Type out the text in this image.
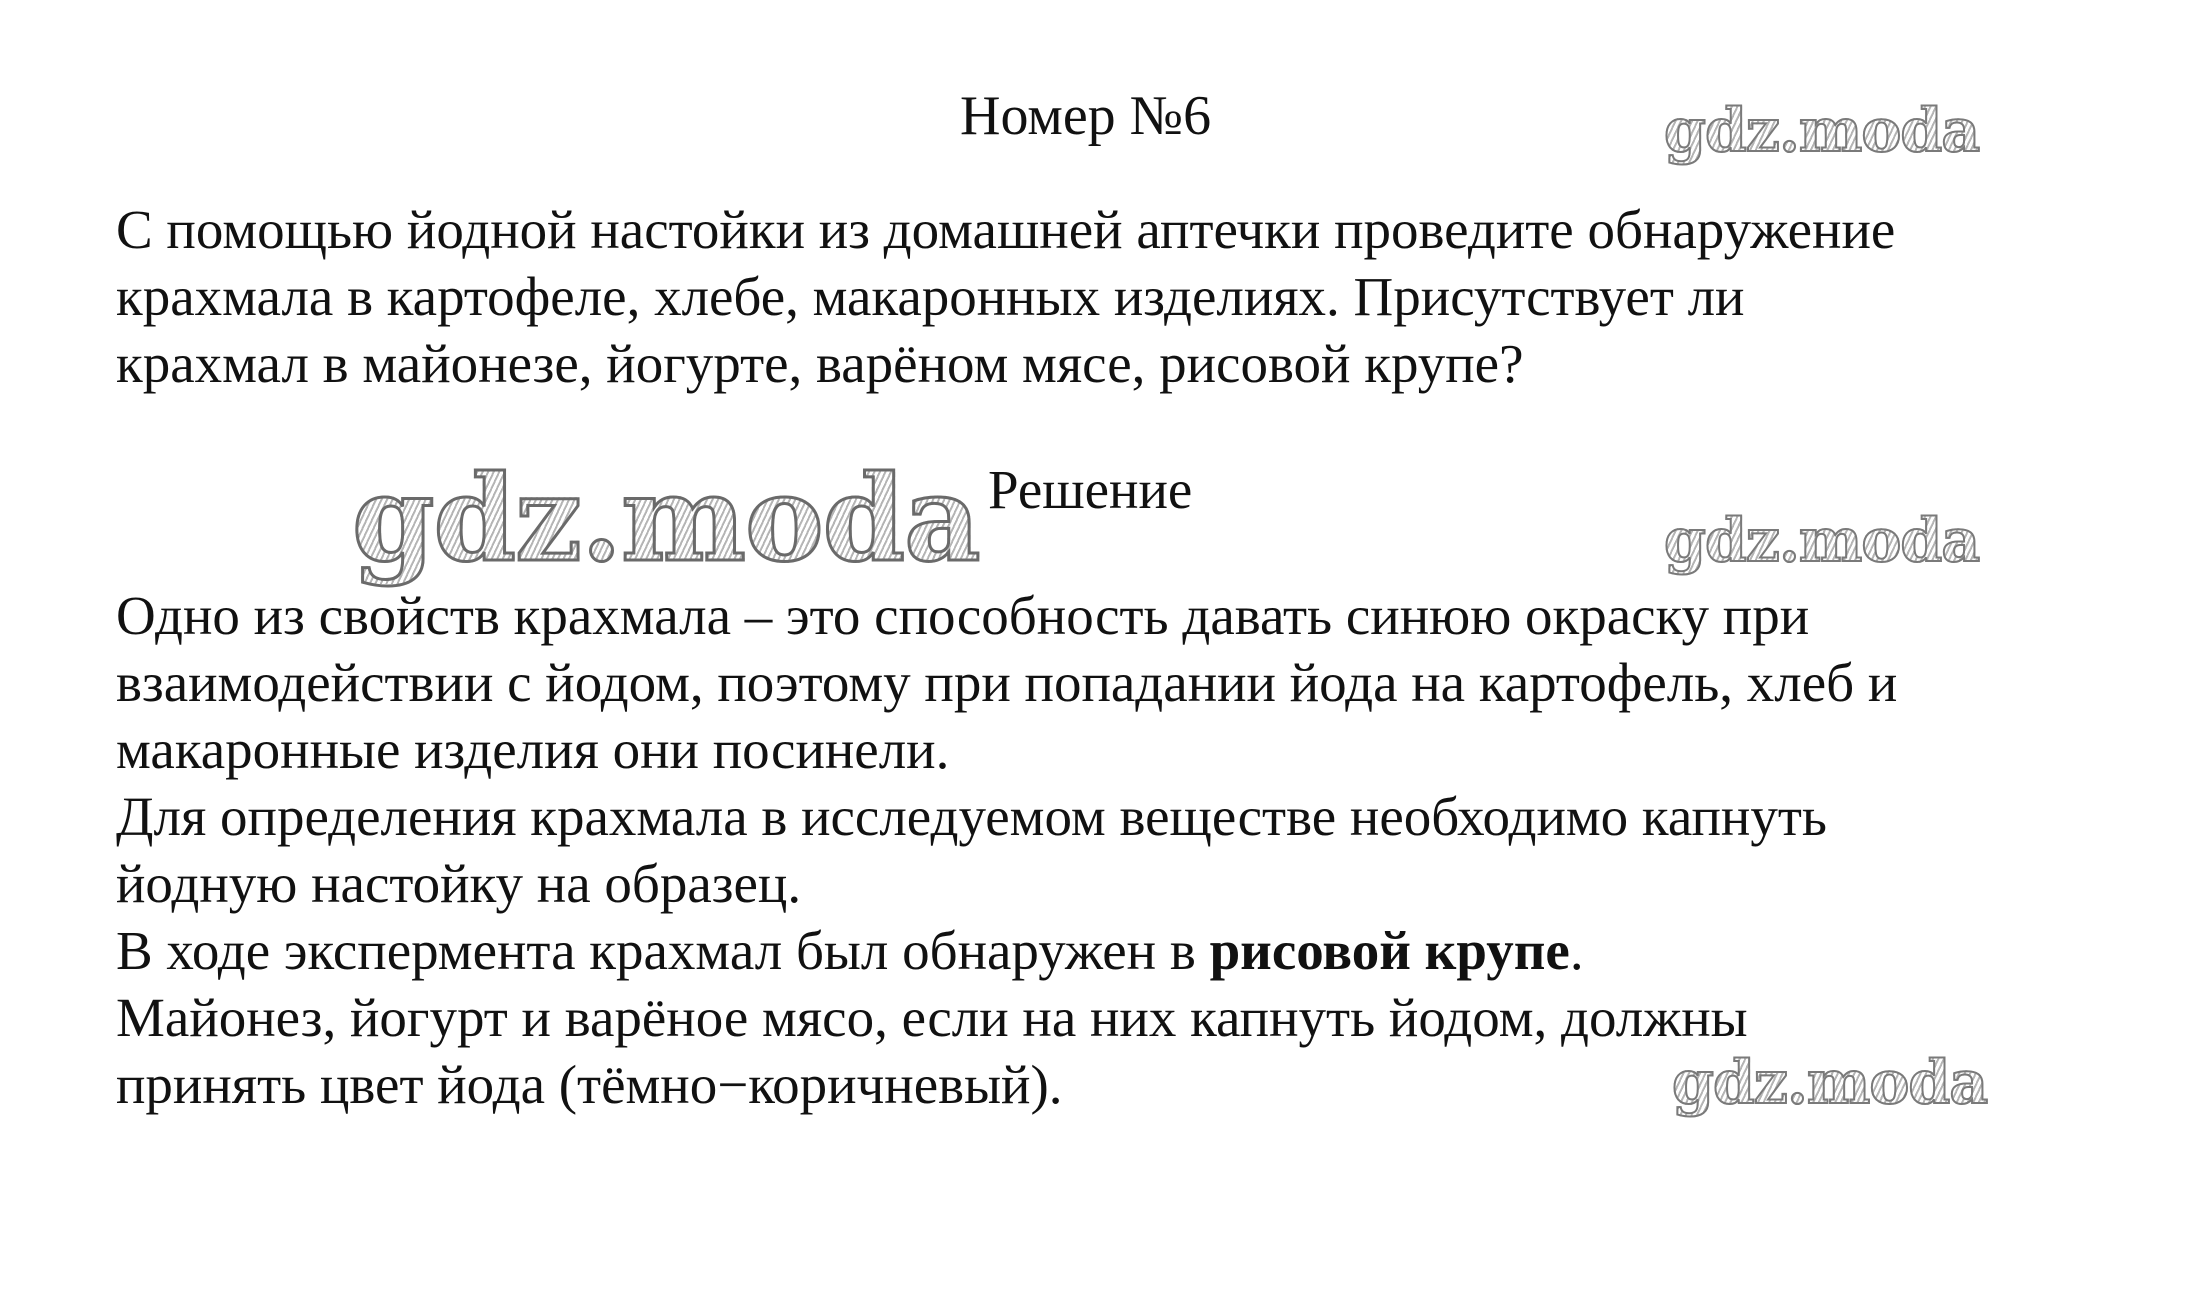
Номер №6

С помощью йодной настойки из домашней аптечки проведите обнаружение
крахмала в картофеле, хлебе, макаронных изделиях. Присутствует ли
крахмал в майонезе, йогурте, варёном мясе, рисовой крупе?

Решение

Одно из свойств крахмала – это способность давать синюю окраску при
взаимодействии с йодом, поэтому при попадании йода на картофель, хлеб и
макаронные изделия они посинели.
Для определения крахмала в исследуемом веществе необходимо капнуть
йодную настойку на образец.
В ходе экспермента крахмал был обнаружен в рисовой крупе.
Майонез, йогурт и варёное мясо, если на них капнуть йодом, должны
принять цвет йода (тёмно−коричневый).

gdz.moda
gdz.moda	gdz.moda
gdz.moda
